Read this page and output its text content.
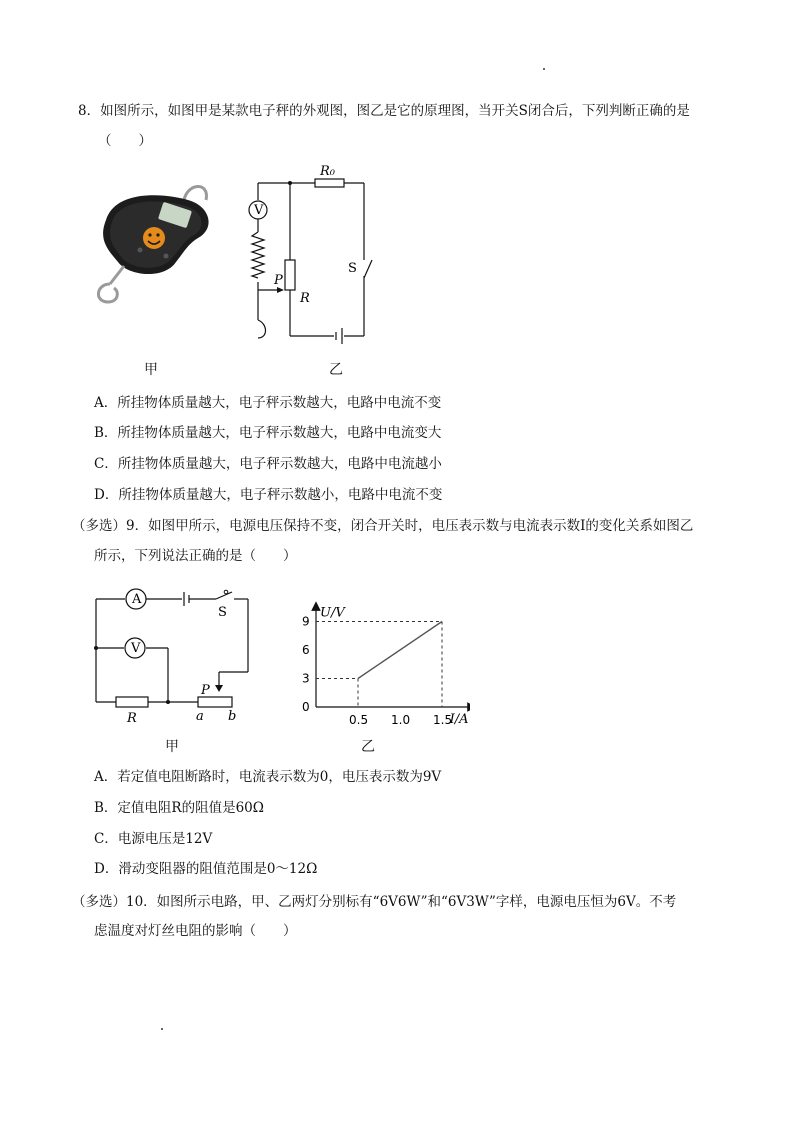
8．如图所示，如图甲是某款电子秤的外观图，图乙是它的原理图，当开关S闭合后，下列判断正确的是
（　　）
甲
R₀
V
P
R
S
乙
A．所挂物体质量越大，电子秤示数越大，电路中电流不变
B．所挂物体质量越大，电子秤示数越大，电路中电流变大
C．所挂物体质量越大，电子秤示数越大，电路中电流越小
D．所挂物体质量越大，电子秤示数越小，电路中电流不变
（多选）9．如图甲所示，电源电压保持不变，闭合开关时，电压表示数与电流表示数I的变化关系如图乙
所示，下列说法正确的是（　　）
A
V
S
P
R	a b
甲
U/V
I/A
0
3
6
9
0.5 1.0 1.5
乙
A．若定值电阻断路时，电流表示数为0，电压表示数为9V
B．定值电阻R的阻值是60Ω
C．电源电压是12V
D．滑动变阻器的阻值范围是0～12Ω
（多选）10．如图所示电路，甲、乙两灯分别标有“6V6W”和“6V3W”字样，电源电压恒为6V。不考
虑温度对灯丝电阻的影响（　　）
